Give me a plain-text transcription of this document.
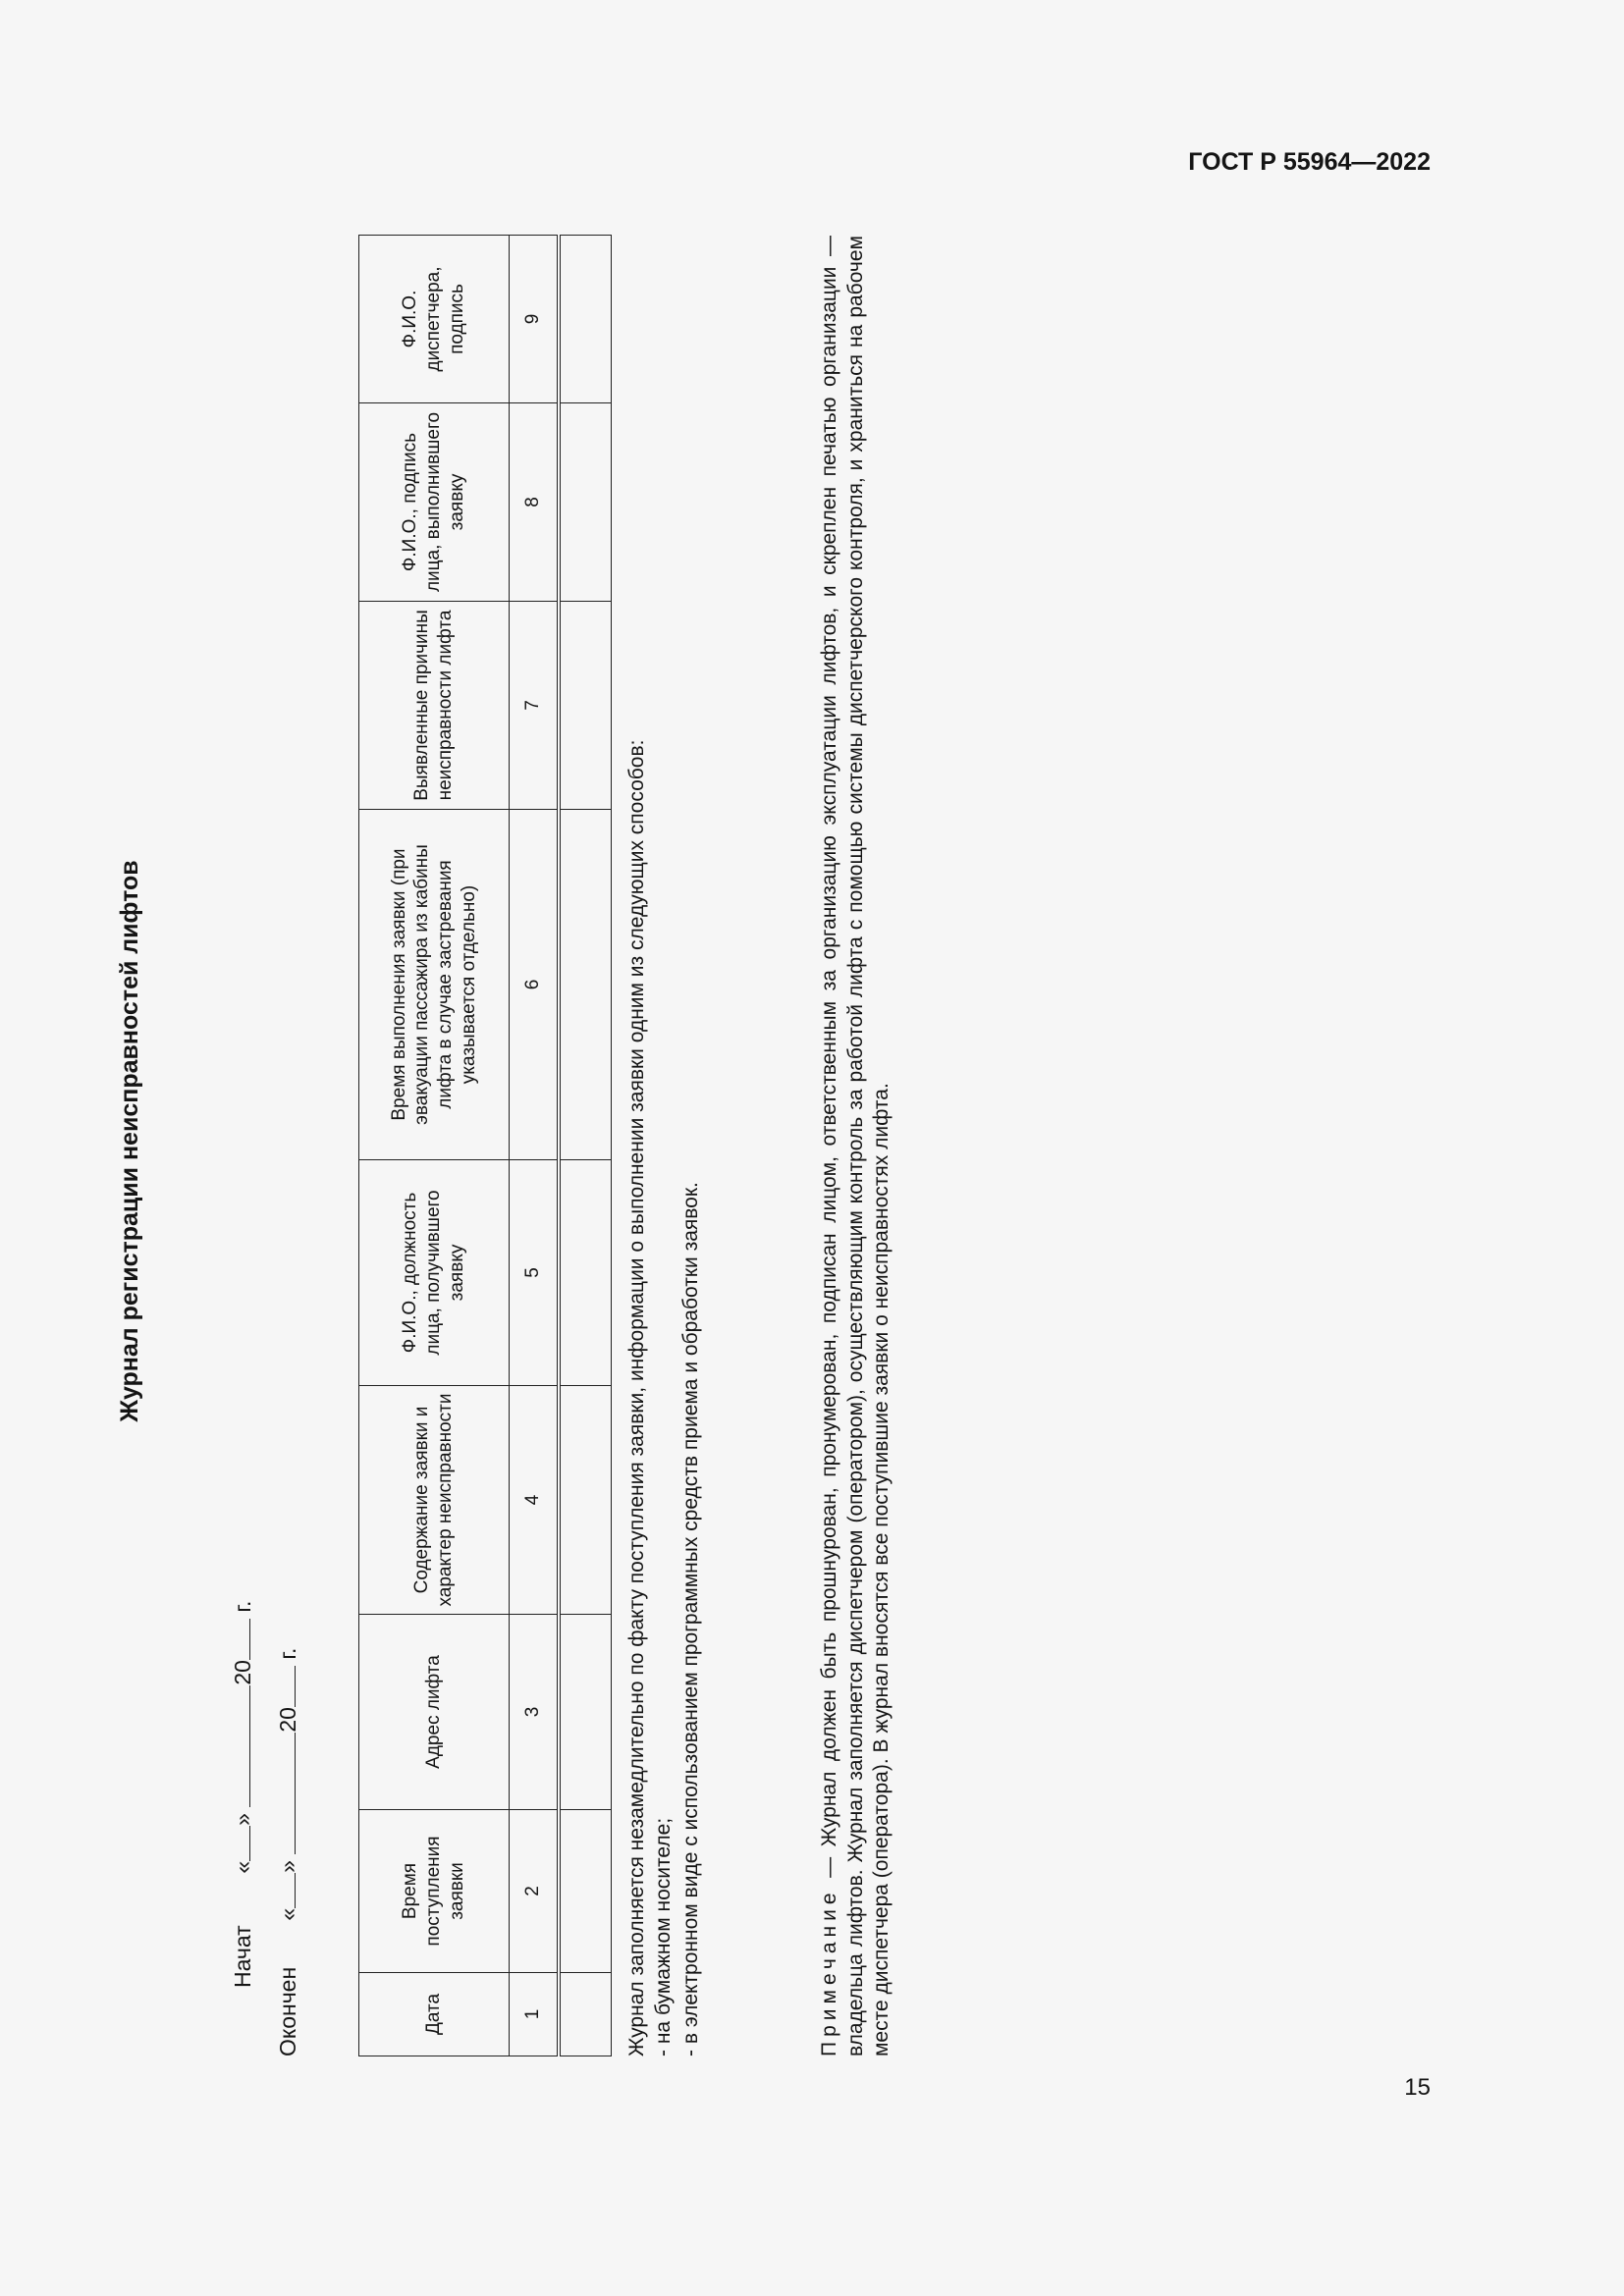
ГОСТ Р 55964—2022
Журнал регистрации неисправностей лифтов
Начат «» 20 г.
Окончен «» 20 г.
Дата	Время поступления заявки	Адрес лифта	Содержание заявки и характер неисправности	Ф.И.О., должность лица, получившего заявку	Время выполнения заявки (при эвакуации пассажира из кабины лифта в случае застревания указывается отдельно)	Выявленные причины неисправности лифта	Ф.И.О., подпись лица, выполнившего заявку	Ф.И.О. диспетчера, подпись
1	2	3	4	5	6	7	8	9

Журнал заполняется незамедлительно по факту поступления заявки, информации о выполнении заявки одним из следующих способов: - на бумажном носителе; - в электронном виде с использованием программных средств приема и обработки заявок.	Примечание — Журнал должен быть прошнурован, пронумерован, подписан лицом, ответственным за организацию эксплуатации лифтов, и скреплен печатью организации — владельца лифтов. Журнал заполняется диспетчером (оператором), осуществляющим контроль за работой лифта с помощью системы диспетчерского контроля, и храниться на рабочем месте диспетчера (оператора). В журнал вносятся все поступившие заявки о неисправностях лифта.
15
